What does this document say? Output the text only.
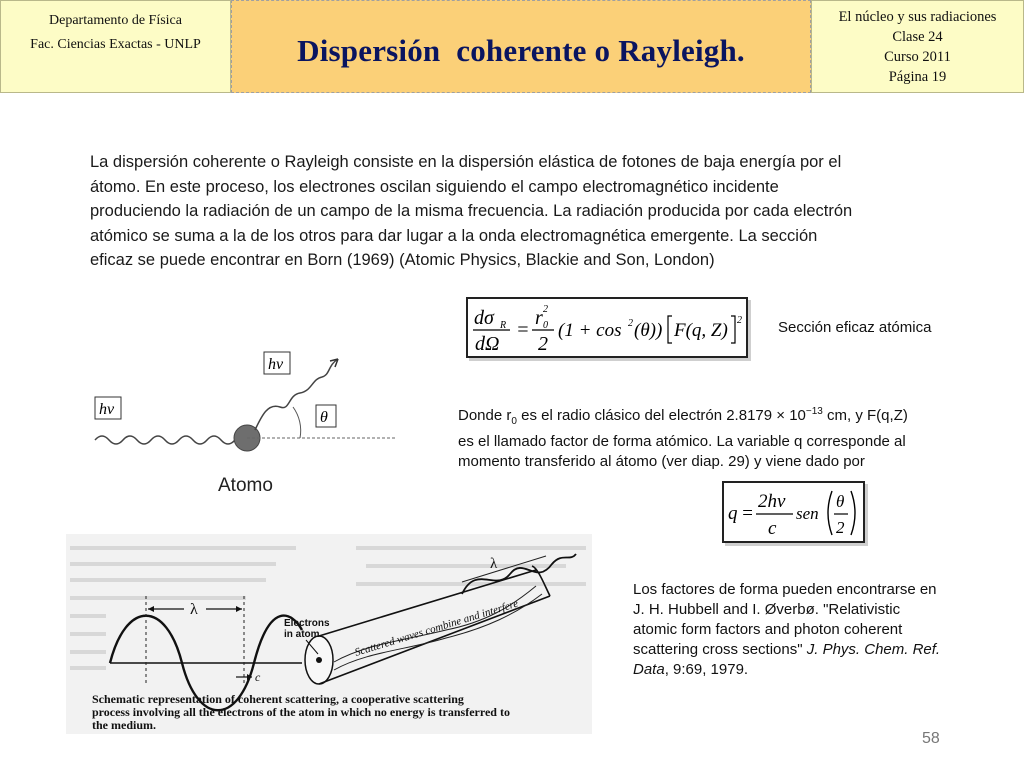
Departamento de Física
Fac. Ciencias Exactas - UNLP	Dispersión  coherente o Rayleigh.
El núcleo y sus radiaciones
Clase 24
Curso 2011
Página 19
La dispersión coherente o Rayleigh consiste en la dispersión elástica de fotones de baja energía por el
átomo. En este proceso, los electrones oscilan siguiendo el campo electromagnético incidente
produciendo la radiación de un campo de la misma frecuencia. La radiación producida por cada electrón
atómico se suma a la de los otros para dar lugar a la onda electromagnética emergente. La sección
eficaz se puede encontrar en Born (1969) (Atomic Physics, Blackie and Son, London)
dσ R
dΩ
=
r 0
2
2
(1 + cos 2 (θ)) F(q, Z) 2 Sección eficaz atómica
hν
hν
θ
Atomo
Donde $r_0$ es el radio clásico del electrón $2.8179 \times 10^{-13}$ cm, y F(q,Z)
es el llamado factor de forma atómico. La variable q corresponde al
momento transferido al átomo (ver diap. 29) y viene dado por
q =
2hν
c
sen
θ
2
λ
c
Scattered waves combine and interfere
λ
Electrons
in atom
Schematic representation of coherent scattering, a cooperative scattering
process involving all the electrons of the atom in which no energy is transferred to
the medium.
Los factores de forma pueden encontrarse en
J. H. Hubbell and I. Øverbø. "Relativistic
atomic form factors and photon coherent
scattering cross sections" J. Phys. Chem. Ref.
Data, 9:69, 1979.
58
